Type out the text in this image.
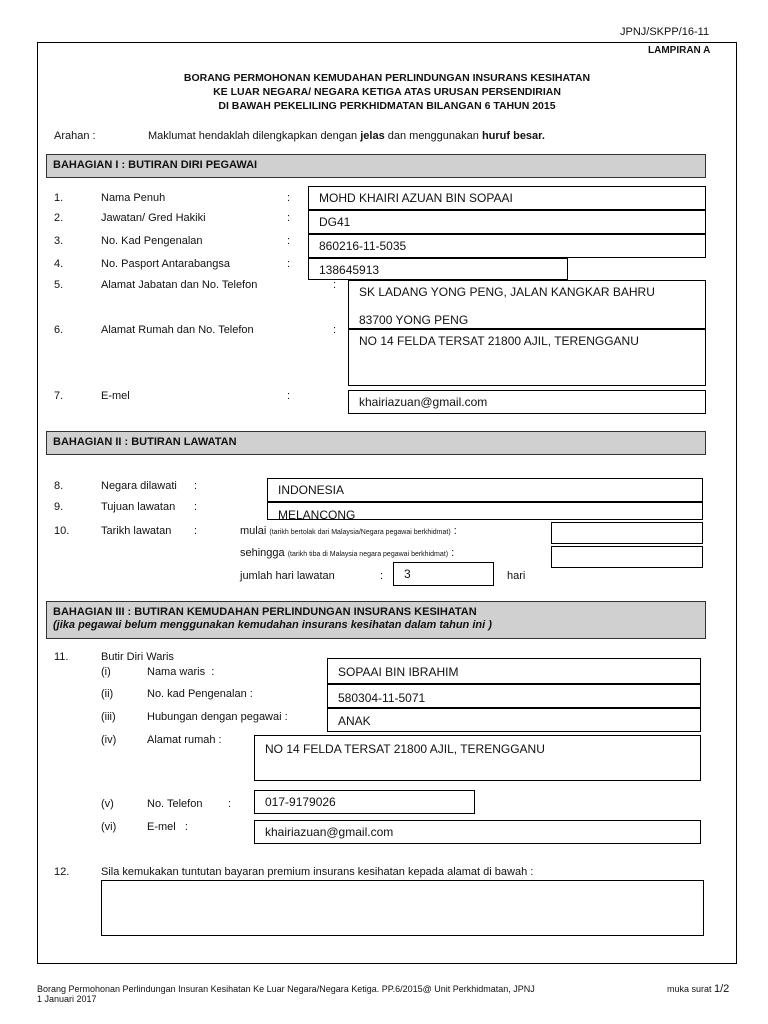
JPNJ/SKPP/16-11
LAMPIRAN A
BORANG PERMOHONAN KEMUDAHAN PERLINDUNGAN INSURANS KESIHATAN
KE LUAR NEGARA/ NEGARA KETIGA ATAS URUSAN PERSENDIRIAN
DI BAWAH PEKELILING PERKHIDMATAN BILANGAN 6 TAHUN 2015
Arahan :	Maklumat hendaklah dilengkapkan dengan jelas dan menggunakan huruf besar.
BAHAGIAN I : BUTIRAN DIRI PEGAWAI
1.	Nama Penuh	:	MOHD KHAIRI AZUAN BIN SOPAAI
2.	Jawatan/ Gred Hakiki	:	DG41
3.	No. Kad Pengenalan	:	860216-11-5035
4.	No. Pasport Antarabangsa	:	138645913
5.	Alamat Jabatan dan No. Telefon	: SK LADANG YONG PENG, JALAN KANGKAR BAHRU
83700 YONG PENG
6.	Alamat Rumah dan No. Telefon	:
NO 14 FELDA TERSAT 21800 AJIL, TERENGGANU
7.	E-mel	:	khairiazuan@gmail.com
BAHAGIAN II : BUTIRAN LAWATAN
8.	Negara dilawati :	INDONESIA
9.	Tujuan lawatan :
MELANCONG
10.	Tarikh lawatan :	mulai (tarikh bertolak dari Malaysia/Negara pegawai berkhidmat) :
sehingga (tarikh tiba di Malaysia negara pegawai berkhidmat) :
jumlah hari lawatan	:	3	hari
BAHAGIAN III : BUTIRAN KEMUDAHAN PERLINDUNGAN INSURANS KESIHATAN
(jika pegawai belum menggunakan kemudahan insurans kesihatan dalam tahun ini )
11.	Butir Diri Waris
(i)	Nama waris :	SOPAAI BIN IBRAHIM
(ii)	No. kad Pengenalan :	580304-11-5071
(iii)	Hubungan dengan pegawai :	ANAK
(iv)	Alamat rumah :
NO 14 FELDA TERSAT 21800 AJIL, TERENGGANU
(v)	No. Telefon :	017-9179026
(vi)	E-mel :	khairiazuan@gmail.com
12.	Sila kemukakan tuntutan bayaran premium insurans kesihatan kepada alamat di bawah :
Borang Permohonan Perlindungan Insuran Kesihatan Ke Luar Negara/Negara Ketiga. PP.6/2015@ Unit Perkhidmatan, JPNJ
1 Januari 2017
muka surat 1/2
